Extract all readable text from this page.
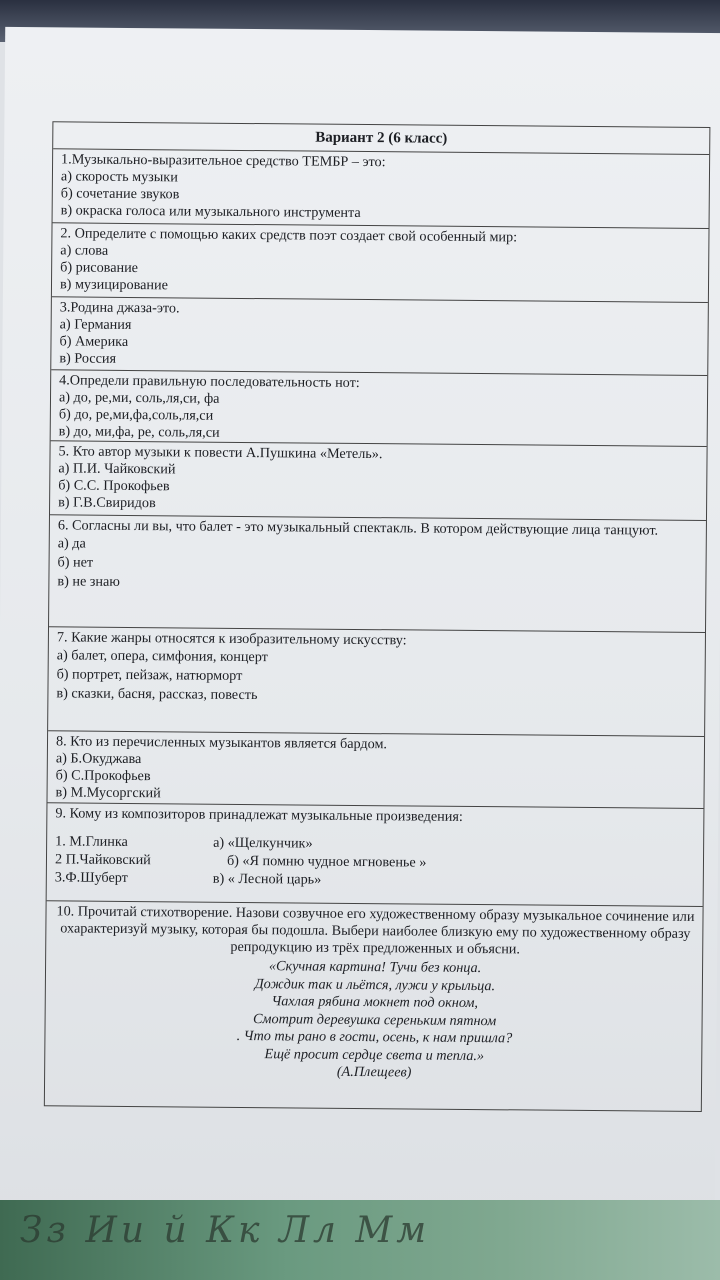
Вариант 2 (6 класс)
1.Музыкально-выразительное средство ТЕМБР – это:
а) скорость музыки
б) сочетание звуков
в) окраска голоса или музыкального инструмента
2. Определите с помощью каких средств поэт создает свой особенный мир:
а) слова
б) рисование
в) музицирование
3.Родина джаза-это.
а) Германия
б) Америка
в) Россия
4.Определи правильную последовательность нот:
а) до, ре,ми, соль,ля,си, фа
б) до, ре,ми,фа,соль,ля,си
в) до, ми,фа, ре, соль,ля,си
5. Кто автор музыки к повести А.Пушкина «Метель».
а) П.И. Чайковский
б) С.С. Прокофьев
в) Г.В.Свиридов
6. Согласны ли вы, что балет - это музыкальный спектакль. В котором действующие лица танцуют.
а) да
б) нет
в) не знаю
7. Какие жанры относятся к изобразительному искусству:
а) балет, опера, симфония, концерт
б) портрет, пейзаж, натюрморт
в) сказки, басня, рассказ, повесть
8. Кто из перечисленных музыкантов является бардом.
а) Б.Окуджава
б) С.Прокофьев
в) М.Мусоргский
9. Кому из композиторов принадлежат музыкальные произведения:
1. М.Глинка
2 П.Чайковский
3.Ф.Шуберт
а) «Щелкунчик»
б) «Я помню чудное мгновенье »
в) « Лесной царь»
10. Прочитай стихотворение. Назови созвучное его художественному образу музыкальное сочинение или охарактеризуй музыку, которая бы подошла. Выбери наиболее близкую ему по художественному образу репродукцию из трёх предложенных и объясни.
«Скучная картина! Тучи без конца.
Дождик так и льётся, лужи у крыльца.
Чахлая рябина мокнет под окном,
Смотрит деревушка сереньким пятном
. Что ты рано в гости, осень, к нам пришла?
Ещё просит сердце света и тепла.»
(А.Плещеев)
Зз Ии й Кк Лл Мм
